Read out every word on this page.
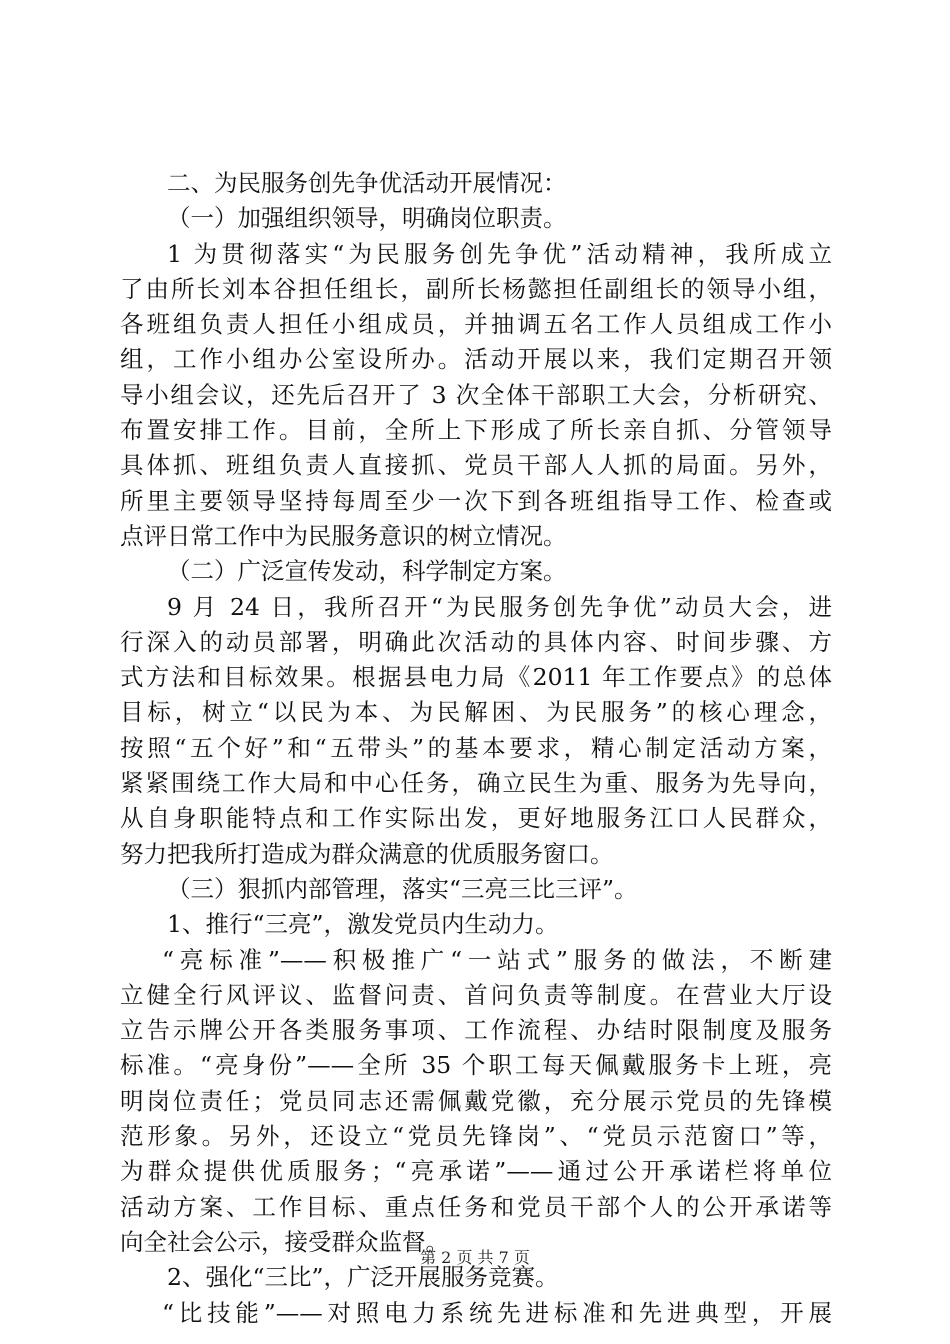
二、为民服务创先争优活动开展情况：
（一）加强组织领导，明确岗位职责。
1 为贯彻落实“为民服务创先争优”活动精神，我所成立
了由所长刘本谷担任组长，副所长杨懿担任副组长的领导小组，
各班组负责人担任小组成员，并抽调五名工作人员组成工作小
组，工作小组办公室设所办。活动开展以来，我们定期召开领
导小组会议，还先后召开了 3 次全体干部职工大会，分析研究、
布置安排工作。目前，全所上下形成了所长亲自抓、分管领导
具体抓、班组负责人直接抓、党员干部人人抓的局面。另外，
所里主要领导坚持每周至少一次下到各班组指导工作、检查或
点评日常工作中为民服务意识的树立情况。
（二）广泛宣传发动，科学制定方案。
9 月 24 日，我所召开“为民服务创先争优”动员大会，进
行深入的动员部署，明确此次活动的具体内容、时间步骤、方
式方法和目标效果。根据县电力局《2011 年工作要点》的总体
目标，树立“以民为本、为民解困、为民服务”的核心理念，
按照“五个好”和“五带头”的基本要求，精心制定活动方案，
紧紧围绕工作大局和中心任务，确立民生为重、服务为先导向，
从自身职能特点和工作实际出发，更好地服务江口人民群众，
努力把我所打造成为群众满意的优质服务窗口。
（三）狠抓内部管理，落实“三亮三比三评”。
1、推行“三亮”，激发党员内生动力。
“亮标准”——积极推广“一站式”服务的做法，不断建
立健全行风评议、监督问责、首问负责等制度。在营业大厅设
立告示牌公开各类服务事项、工作流程、办结时限制度及服务
标准。“亮身份”——全所 35 个职工每天佩戴服务卡上班，亮
明岗位责任；党员同志还需佩戴党徽，充分展示党员的先锋模
范形象。另外，还设立“党员先锋岗”、“党员示范窗口”等，
为群众提供优质服务；“亮承诺”——通过公开承诺栏将单位
活动方案、工作目标、重点任务和党员干部个人的公开承诺等
向全社会公示，接受群众监督。
2、强化“三比”，广泛开展服务竞赛。
“比技能”——对照电力系统先进标准和先进典型，开展
第 2 页 共 7 页
